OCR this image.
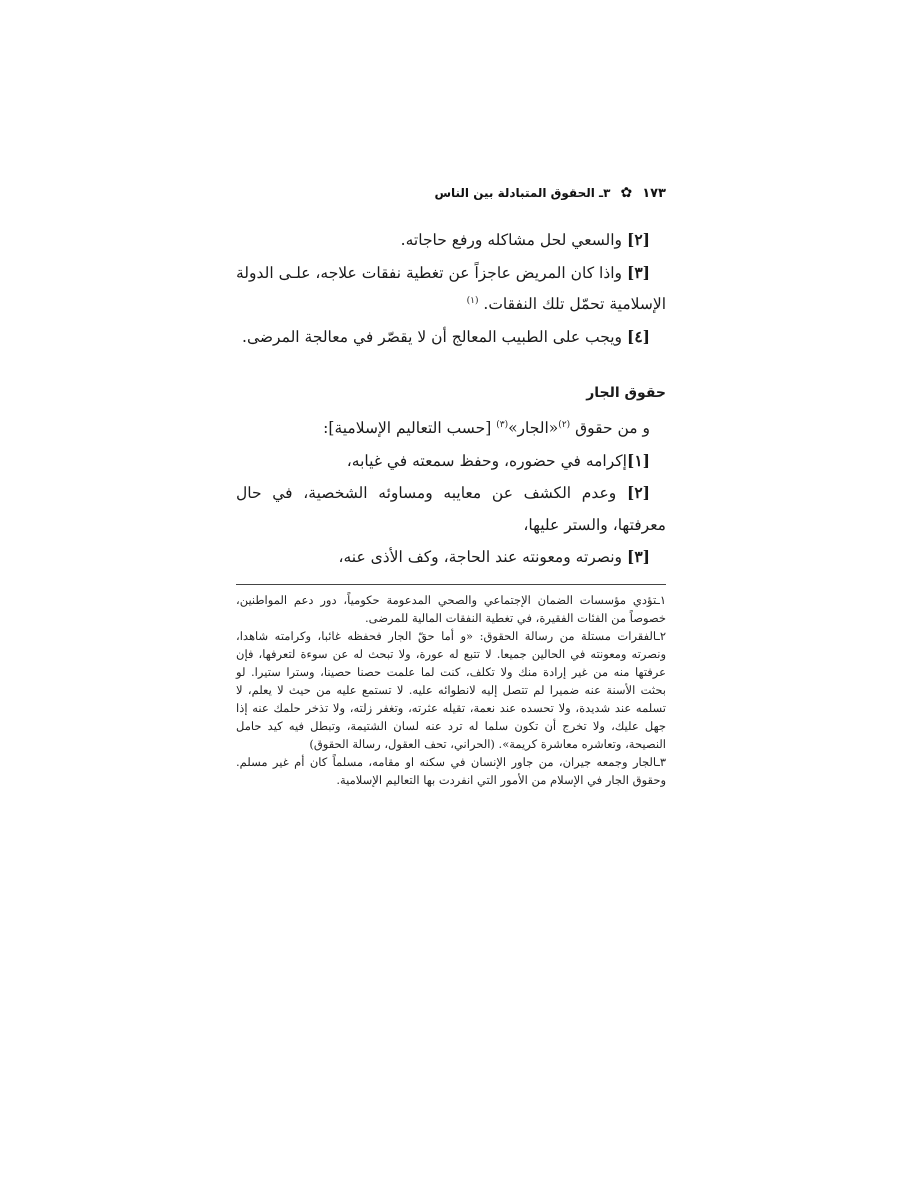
١٧٣
✿
٣ـ الحقوق المتبادلة بين الناس

[٢] والسعي لحل مشاكله ورفع حاجاته.

[٣] واذا كان المريض عاجزاً عن تغطية نفقات علاجه، علـى الدولة الإسلامية تحمّل تلك النفقات. $^{(١)}$

[٤] ويجب على الطبيب المعالج أن لا يقصّر في معالجة المرضى.

حقوق الجار

و من حقوق $^{(٢)}$«الجار»$^{(٣)}$ [حسب التعاليم الإسلامية]:

[١]إكرامه في حضوره، وحفظ سمعته في غيابه،

[٢] وعدم الكشف عن معايبه ومساوئه الشخصية، في حال معرفتها، والستر عليها،

[٣] ونصرته ومعونته عند الحاجة، وكف الأذى عنه،

١ـتؤدي مؤسسات الضمان الإجتماعي والصحي المدعومة حكومياً، دور دعم المواطنين، خصوصاً من الفئات الفقيرة، في تغطية النفقات المالية للمرضى.

٢ـالفقرات مستلة من رسالة الحقوق: «و أما حقّ الجار فحفظه غائبا، وكرامته شاهدا، ونصرته ومعونته في الحالين جميعا. لا تتبع له عورة، ولا تبحث له عن سوءة لتعرفها، فإن عرفتها منه من غير إرادة منك ولا تكلف، كنت لما علمت حصنا حصينا، وسترا ستيرا. لو بحثت الأسنة عنه ضميرا لم تتصل إليه لانطوائه عليه. لا تستمع عليه من حيث لا يعلم، لا تسلمه عند شديدة، ولا تحسده عند نعمة، تقيله عثرته، وتغفر زلته، ولا تذخر حلمك عنه إذا جهل عليك، ولا تخرج أن تكون سلما له ترد عنه لسان الشتيمة، وتبطل فيه كيد حامل النصيحة، وتعاشره معاشرة كريمة». (الحراني، تحف العقول، رسالة الحقوق)

٣ـالجار وجمعه جيران، من جاور الإنسان في سكنه او مقامه، مسلماً كان أم غير مسلم. وحقوق الجار في الإسلام من الأمور التي انفردت بها التعاليم الإسلامية.
